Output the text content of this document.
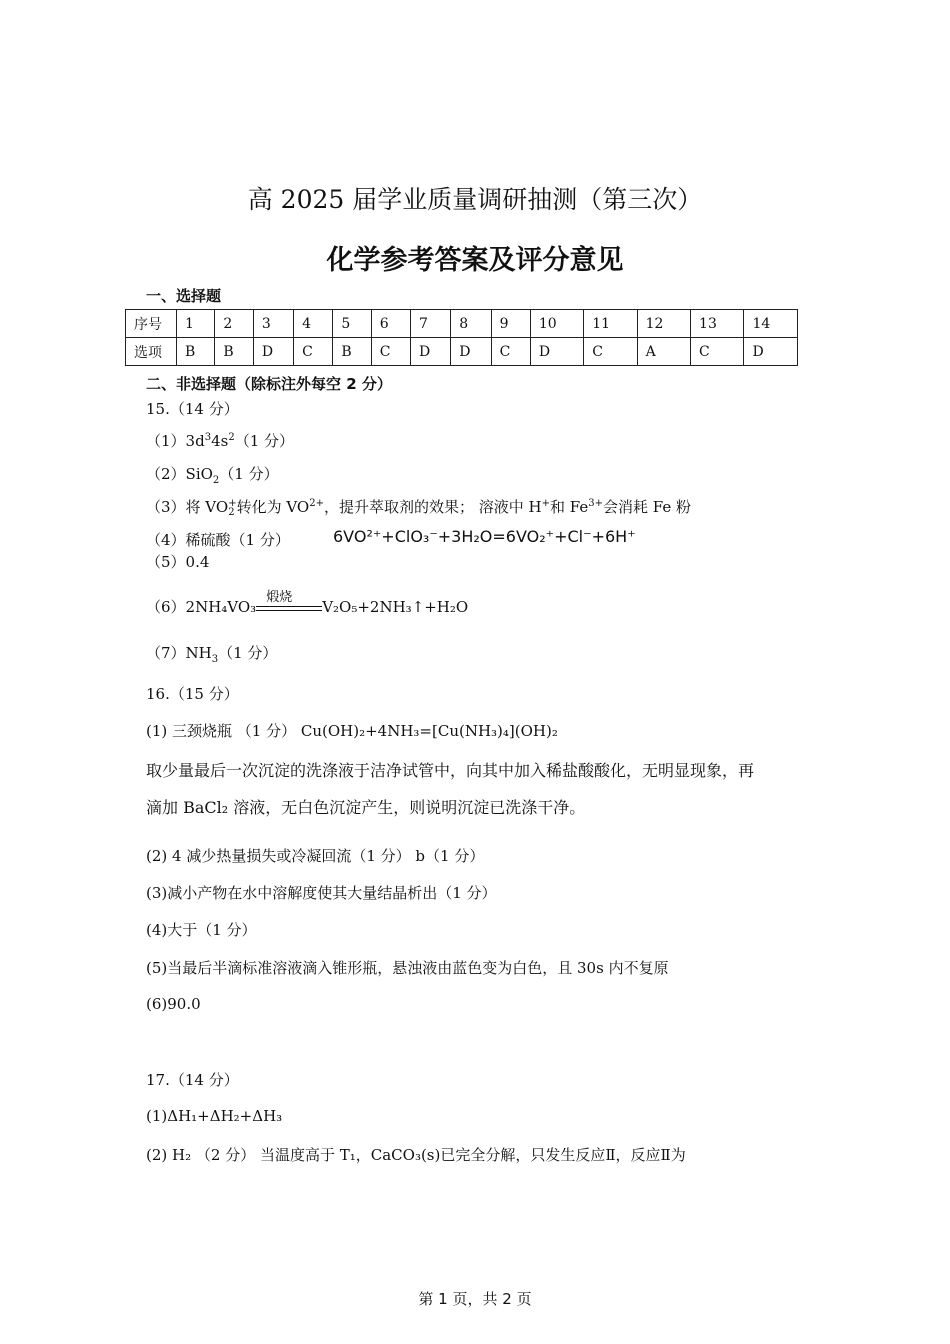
高 2025 届学业质量调研抽测（第三次）
化学参考答案及评分意见
一、选择题
序号	1	2	3	4	5	6	7	8	9	10	11	12	13	14
选项	B	B	D	C	B	C	D	D	C	D	C	A	C	D
二、非选择题（除标注外每空 2 分）
15.（14 分）
$(1)3d^34s^2(1$ 分）
（2）SiO$_2$（1 分）
（3）将 VO +
2 转化为 $VO^{2+}$，提升萃取剂的效果； 溶液中 H+和 $Fe^{3+}$会消耗 Fe 粉
（4）稀硫酸（1 分）	6VO²⁺+ClO₃⁻+3H₂O=6VO₂⁺+Cl⁻+6H⁺
（5）0.4
（6）2NH₄VO₃
煅烧
V₂O₅+2NH₃↑+H₂O
$(7)NH_3(1$ 分）
16.（15 分）
(1) 三颈烧瓶 （1 分） Cu(OH)₂+4NH₃=[Cu(NH₃)₄](OH)₂
取少量最后一次沉淀的洗涤液于洁净试管中，向其中加入稀盐酸酸化，无明显现象，再
滴加 BaCl₂ 溶液，无白色沉淀产生，则说明沉淀已洗涤干净。
(2) 4 减少热量损失或冷凝回流（1 分） b（1 分）
(3)减小产物在水中溶解度使其大量结晶析出（1 分）
(4)大于（1 分）
(5)当最后半滴标准溶液滴入锥形瓶，悬浊液由蓝色变为白色，且 30s 内不复原
(6)90.0
17.（14 分）
(1)ΔH₁+ΔH₂+ΔH₃
(2) H₂ （2 分） 当温度高于 T₁，CaCO₃(s)已完全分解，只发生反应Ⅱ，反应Ⅱ为
第 1 页，共 2 页
